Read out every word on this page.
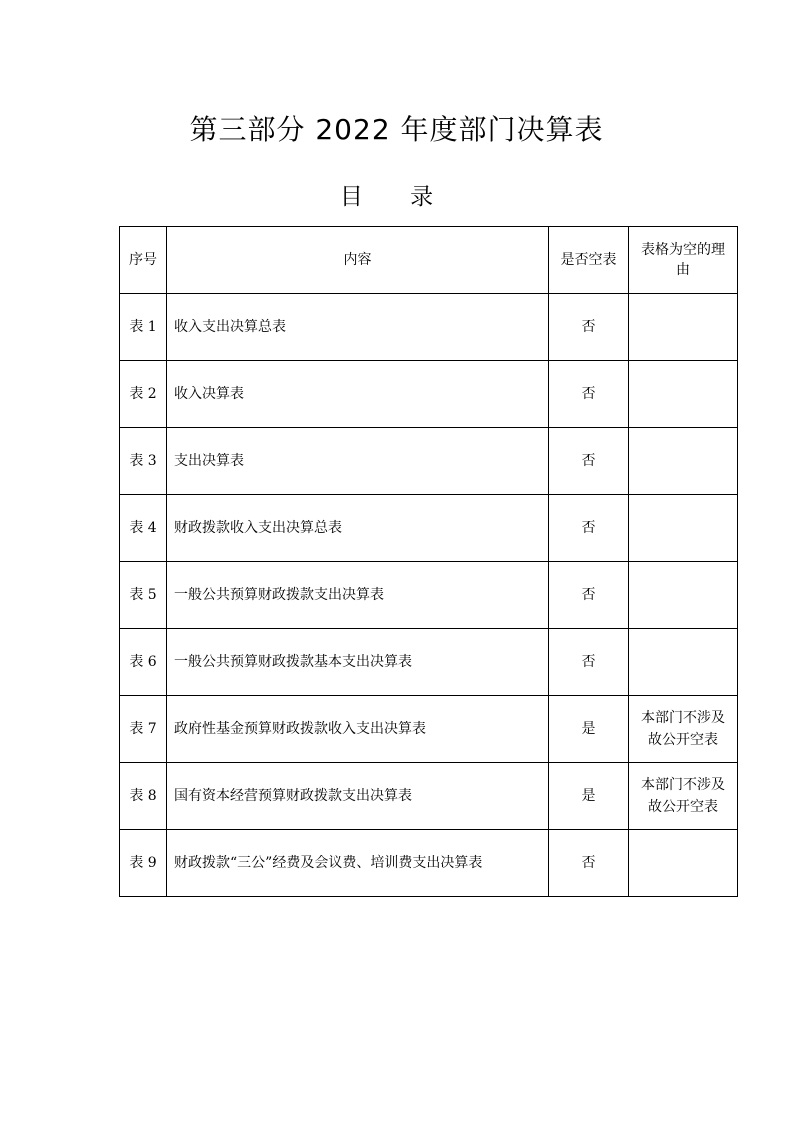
第三部分 2022 年度部门决算表
目 录
序号	内容	是否空表	表格为空的理由

表 1	收入支出决算总表	否	
表 2	收入决算表	否	
表 3	支出决算表	否	
表 4	财政拨款收入支出决算总表	否	
表 5	一般公共预算财政拨款支出决算表	否	
表 6	一般公共预算财政拨款基本支出决算表	否	
表 7	政府性基金预算财政拨款收入支出决算表	是	本部门不涉及故公开空表

表 8	国有资本经营预算财政拨款支出决算表	是	本部门不涉及故公开空表

表 9	财政拨款“三公”经费及会议费、培训费支出决算表	否	
